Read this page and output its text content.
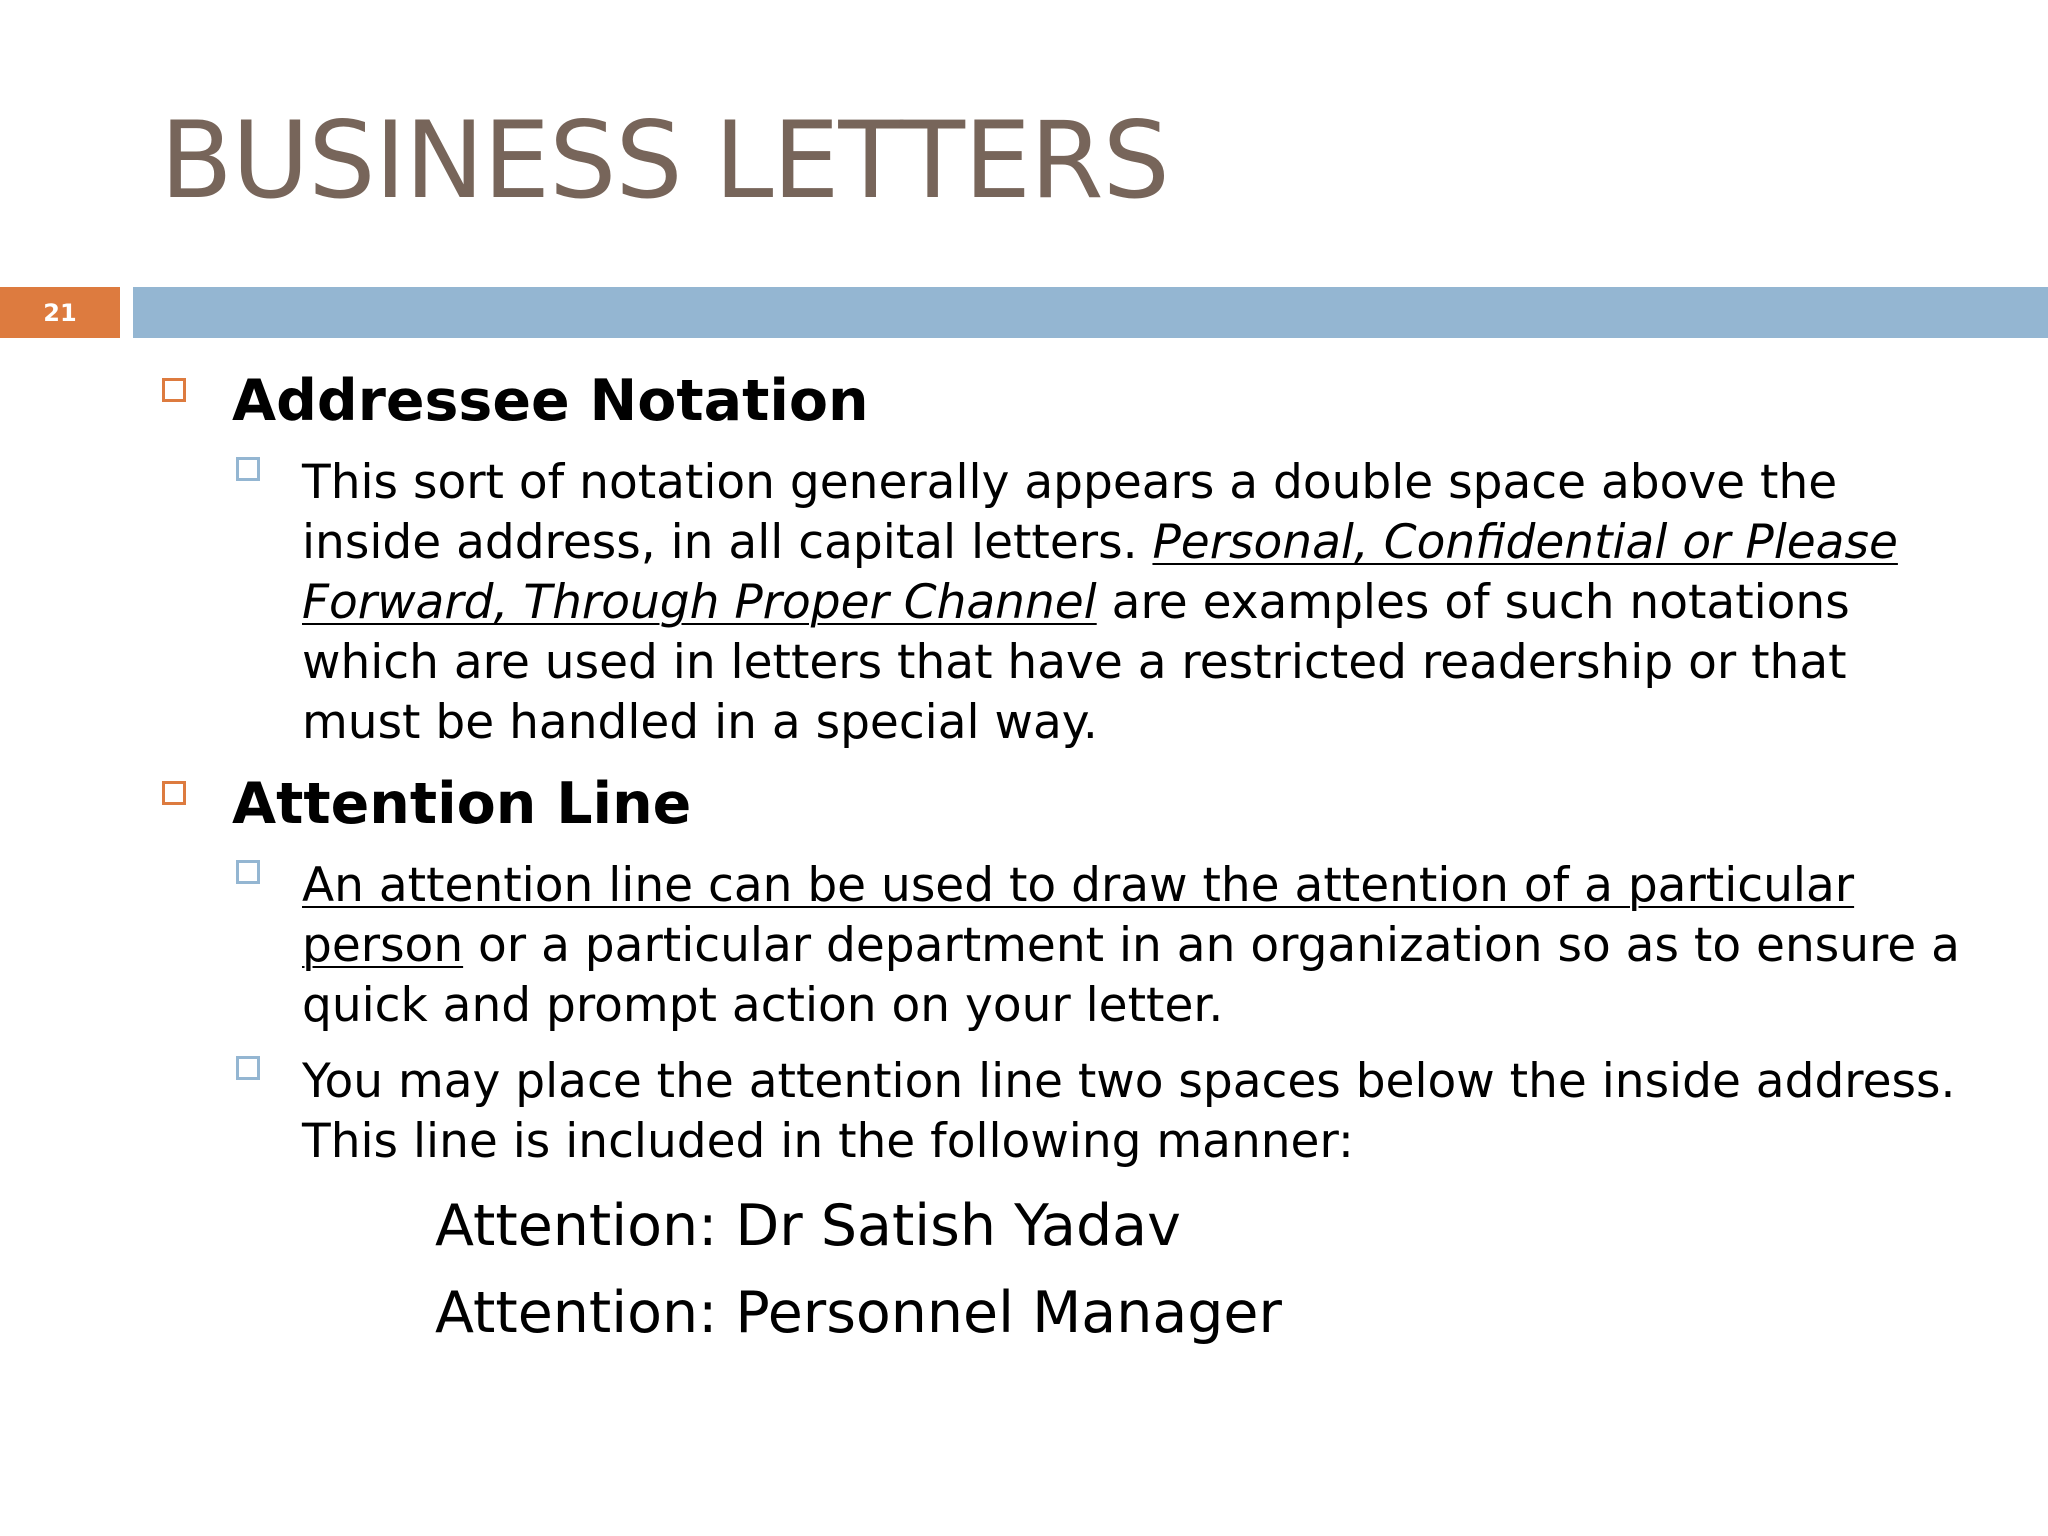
BUSINESS LETTERS
21
Addressee Notation
This sort of notation generally appears a double space above the inside address, in all capital letters. Personal, Confidential or Please Forward, Through Proper Channel are examples of such notations which are used in letters that have a restricted readership or that must be handled in a special way.
Attention Line
An attention line can be used to draw the attention of a particular person or a particular department in an organization so as to ensure a quick and prompt action on your letter.
You may place the attention line two spaces below the inside address. This line is included in the following manner:
Attention: Dr Satish Yadav
Attention: Personnel Manager
